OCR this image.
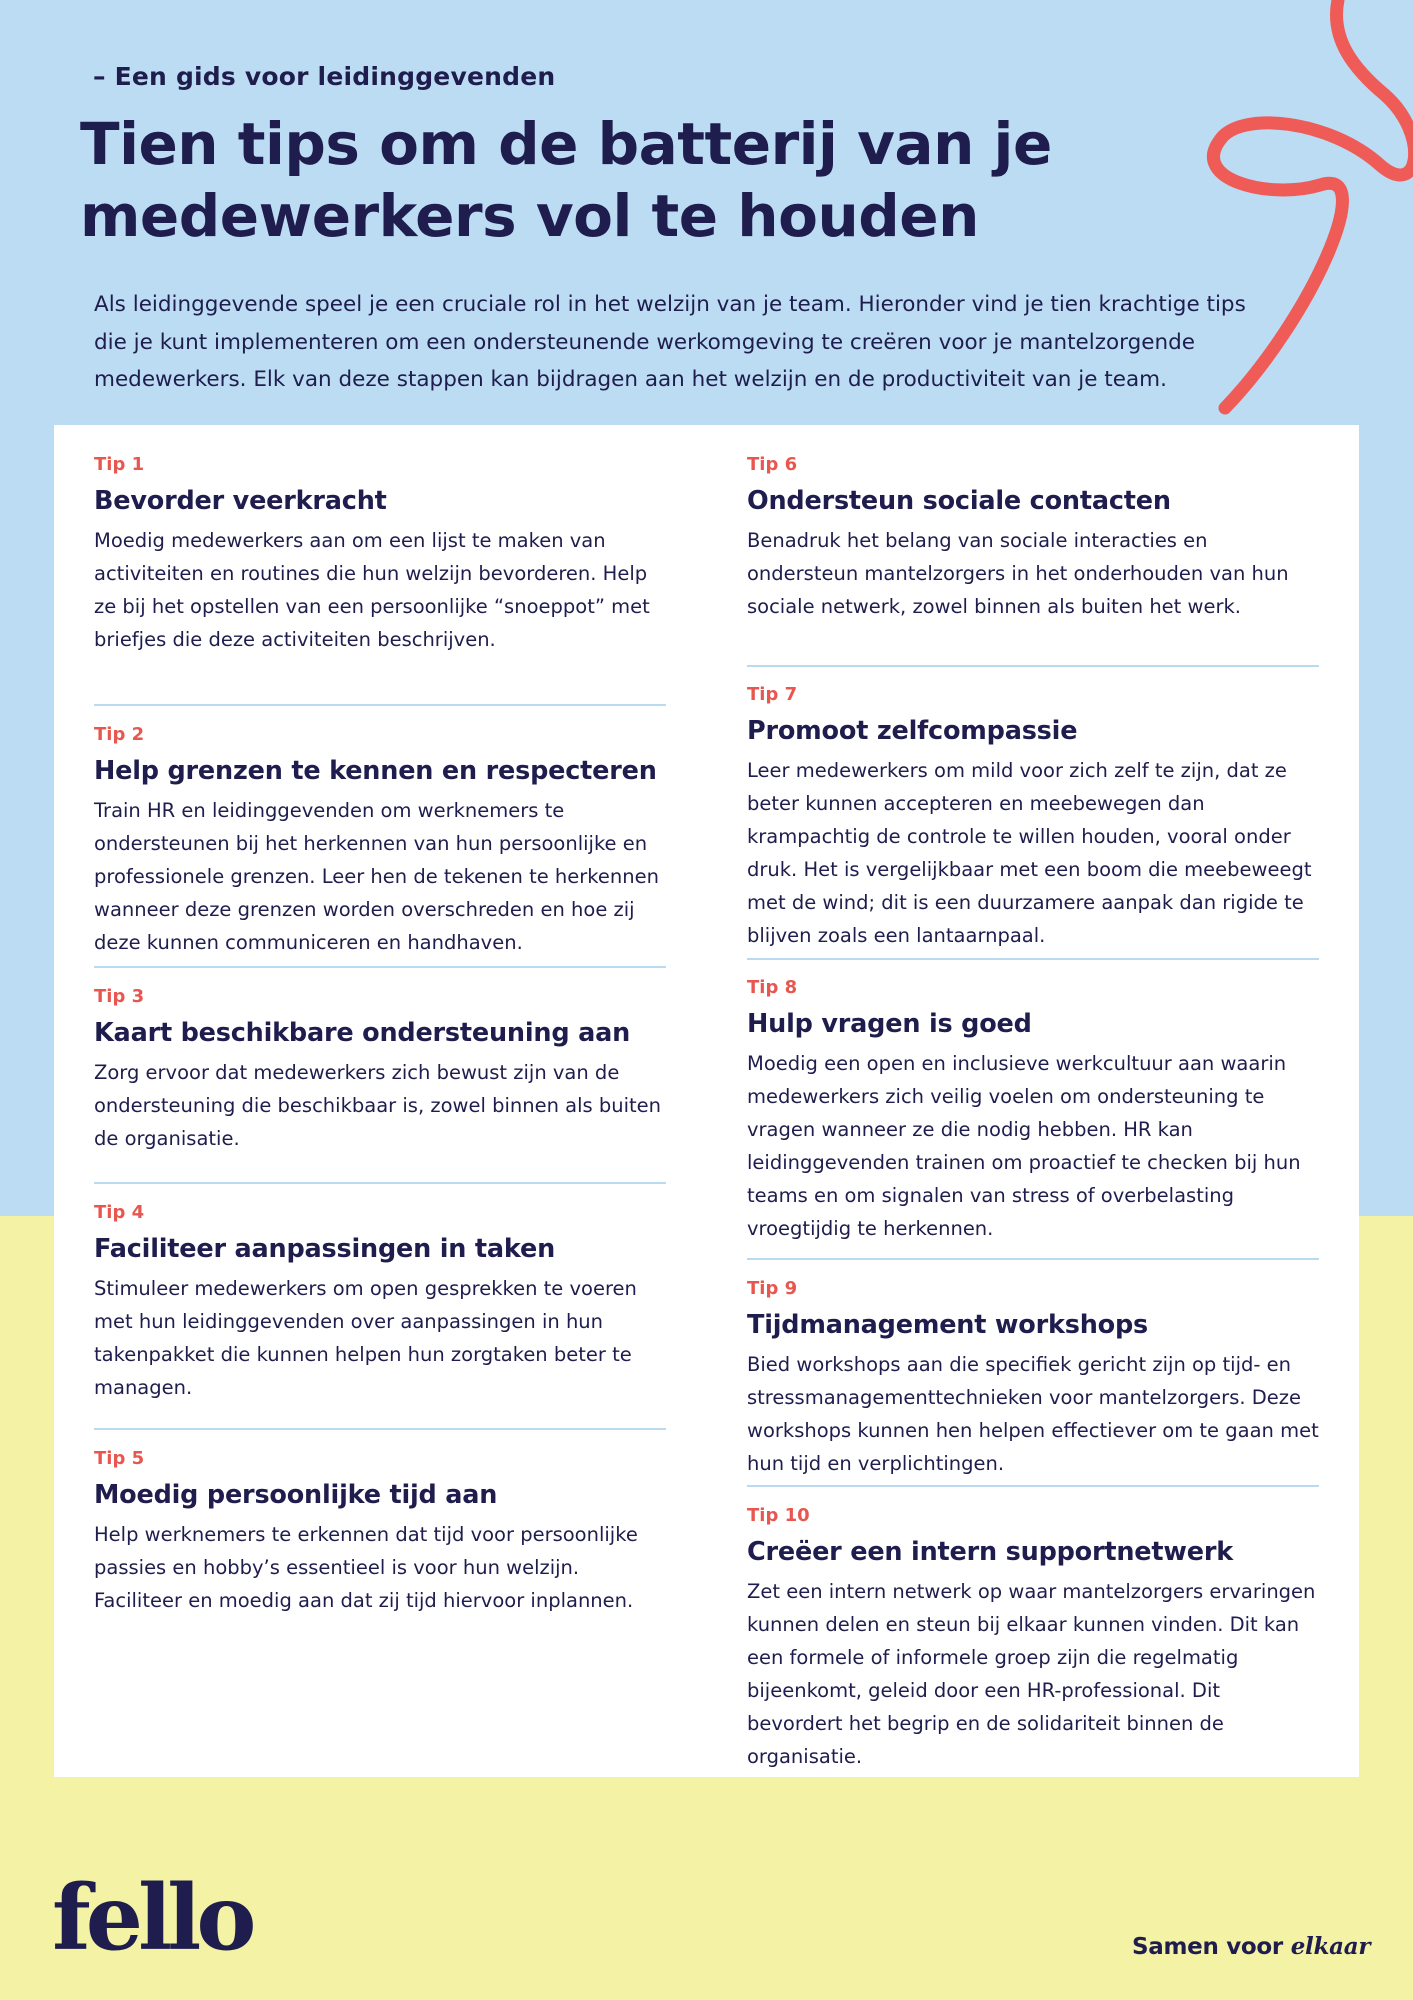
– Een gids voor leidinggevenden
Tien tips om de batterij van je medewerkers vol te houden

Als leidinggevende speel je een cruciale rol in het welzijn van je team. Hieronder vind je tien krachtige tips die je kunt implementeren om een ondersteunende werkomgeving te creëren voor je mantelzorgende medewerkers. Elk van deze stappen kan bijdragen aan het welzijn en de productiviteit van je team.

Tip 1
Bevorder veerkracht
Moedig medewerkers aan om een lijst te maken van activiteiten en routines die hun welzijn bevorderen. Help ze bij het opstellen van een persoonlijke “snoeppot” met briefjes die deze activiteiten beschrijven.
Tip 2
Help grenzen te kennen en respecteren
Train HR en leidinggevenden om werknemers te ondersteunen bij het herkennen van hun persoonlijke en professionele grenzen. Leer hen de tekenen te herkennen wanneer deze grenzen worden overschreden en hoe zij deze kunnen communiceren en handhaven.
Tip 3
Kaart beschikbare ondersteuning aan
Zorg ervoor dat medewerkers zich bewust zijn van de ondersteuning die beschikbaar is, zowel binnen als buiten de organisatie.
Tip 4
Faciliteer aanpassingen in taken
Stimuleer medewerkers om open gesprekken te voeren met hun leidinggevenden over aanpassingen in hun takenpakket die kunnen helpen hun zorgtaken beter te managen.
Tip 5
Moedig persoonlijke tijd aan
Help werknemers te erkennen dat tijd voor persoonlijke passies en hobby’s essentieel is voor hun welzijn. Faciliteer en moedig aan dat zij tijd hiervoor inplannen.
Tip 6
Ondersteun sociale contacten
Benadruk het belang van sociale interacties en ondersteun mantelzorgers in het onderhouden van hun sociale netwerk, zowel binnen als buiten het werk.
Tip 7
Promoot zelfcompassie
Leer medewerkers om mild voor zich zelf te zijn, dat ze beter kunnen accepteren en meebewegen dan krampachtig de controle te willen houden, vooral onder druk. Het is vergelijkbaar met een boom die meebeweegt met de wind; dit is een duurzamere aanpak dan rigide te blijven zoals een lantaarnpaal.
Tip 8
Hulp vragen is goed
Moedig een open en inclusieve werkcultuur aan waarin medewerkers zich veilig voelen om ondersteuning te vragen wanneer ze die nodig hebben. HR kan leidinggevenden trainen om proactief te checken bij hun teams en om signalen van stress of overbelasting vroegtijdig te herkennen.
Tip 9
Tijdmanagement workshops
Bied workshops aan die specifiek gericht zijn op tijd- en stressmanagementtechnieken voor mantelzorgers. Deze workshops kunnen hen helpen effectiever om te gaan met hun tijd en verplichtingen.
Tip 10
Creëer een intern supportnetwerk
Zet een intern netwerk op waar mantelzorgers ervaringen kunnen delen en steun bij elkaar kunnen vinden. Dit kan een formele of informele groep zijn die regelmatig bijeenkomt, geleid door een HR-professional. Dit bevordert het begrip en de solidariteit binnen de organisatie.
fello	Samen voor elkaar
